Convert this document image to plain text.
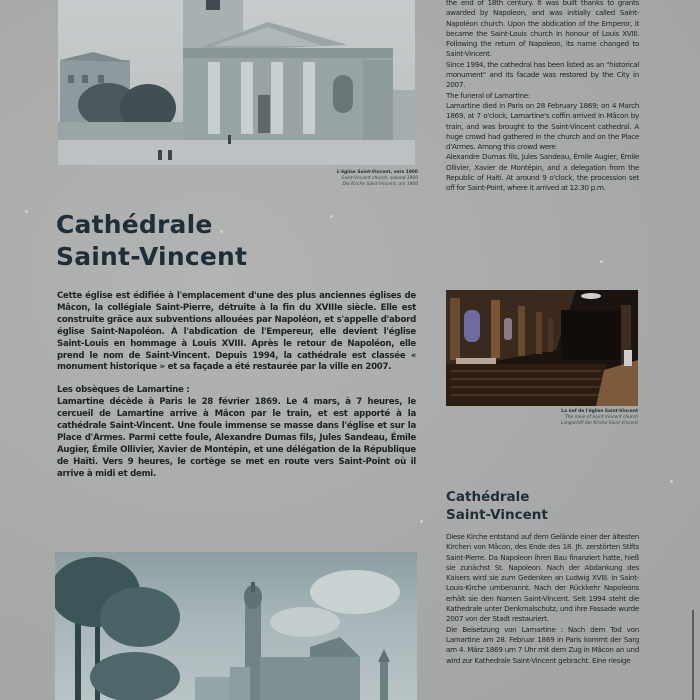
L'église Saint-Vincent, vers 1900
Saint-Vincent church, around 1900
Die Kirche Saint-Vincent, um 1900
Cathédrale
Saint-Vincent

Cette église est édifiée à l'emplacement d'une des plus anciennes églises de Mâcon, la collégiale Saint-Pierre, détruite à la fin du XVIIIe siècle. Elle est construite grâce aux subventions allouées par Napoléon, et s'appelle d'abord église Saint-Napoléon. À l'abdication de l'Empereur, elle devient l'église Saint-Louis en hommage à Louis XVIII. Après le retour de Napoléon, elle prend le nom de Saint-Vincent. Depuis 1994, la cathédrale est classée « monument historique » et sa façade a été restaurée par la ville en 2007.

Les obsèques de Lamartine :

Lamartine décède à Paris le 28 février 1869. Le 4 mars, à 7 heures, le cercueil de Lamartine arrive à Mâcon par le train, et est apporté à la cathédrale Saint-Vincent. Une foule immense se masse dans l'église et sur la Place d'Armes. Parmi cette foule, Alexandre Dumas fils, Jules Sandeau, Émile Augier, Émile Ollivier, Xavier de Montépin, et une délégation de la République de Haïti. Vers 9 heures, le cortège se met en route vers Saint-Point où il arrive à midi et demi.

the end of 18th century. It was built thanks to grants awarded by Napoleon, and was initially called Saint-Napoléon church. Upon the abdication of the Emperor, it became the Saint-Louis church in honour of Louis XVIII. Following the return of Napoleon, its name changed to Saint-Vincent.

Since 1994, the cathedral has been listed as an "historical monument" and its facade was restored by the City in 2007.

The funeral of Lamartine:

Lamartine died in Paris on 28 February 1869; on 4 March 1869, at 7 o'clock, Lamartine's coffin arrived in Mâcon by train, and was brought to the Saint-Vincent cathedral. A huge crowd had gathered in the church and on the Place d'Armes. Among this crowd were

Alexandre Dumas fils, Jules Sandeau, Émile Augier, Émile Ollivier, Xavier de Montépin, and a delegation from the Republic of Haiti. At around 9 o'clock, the procession set off for Saint-Point, where it arrived at 12.30 p.m.

La nef de l'église Saint-Vincent
The nave of Saint-Vincent church
Langschiff der Kirche Saint-Vincent
Cathédrale
Saint-Vincent

Diese Kirche entstand auf dem Gelände einer der ältesten Kirchen von Mâcon, des Ende des 18. Jh. zerstörten Stifts Saint-Pierre. Da Napoleon ihren Bau finanziert hatte, hieß sie zunächst St. Napoleon. Nach der Abdankung des Kaisers wird sie zum Gedenken an Ludwig XVIII. in Saint-Louis-Kirche umbenannt. Nach der Rückkehr Napoleons erhält sie den Namen Saint-Vincent. Seit 1994 steht die Kathedrale unter Denkmalschutz, und ihre Fassade wurde 2007 von der Stadt restauriert.

Die Beisetzung von Lamartine : Nach dem Tod von Lamartine am 28. Februar 1869 in Paris kommt der Sarg am 4. März 1869 um 7 Uhr mit dem Zug in Mâcon an und wird zur Kathedrale Saint-Vincent gebracht. Eine riesige
